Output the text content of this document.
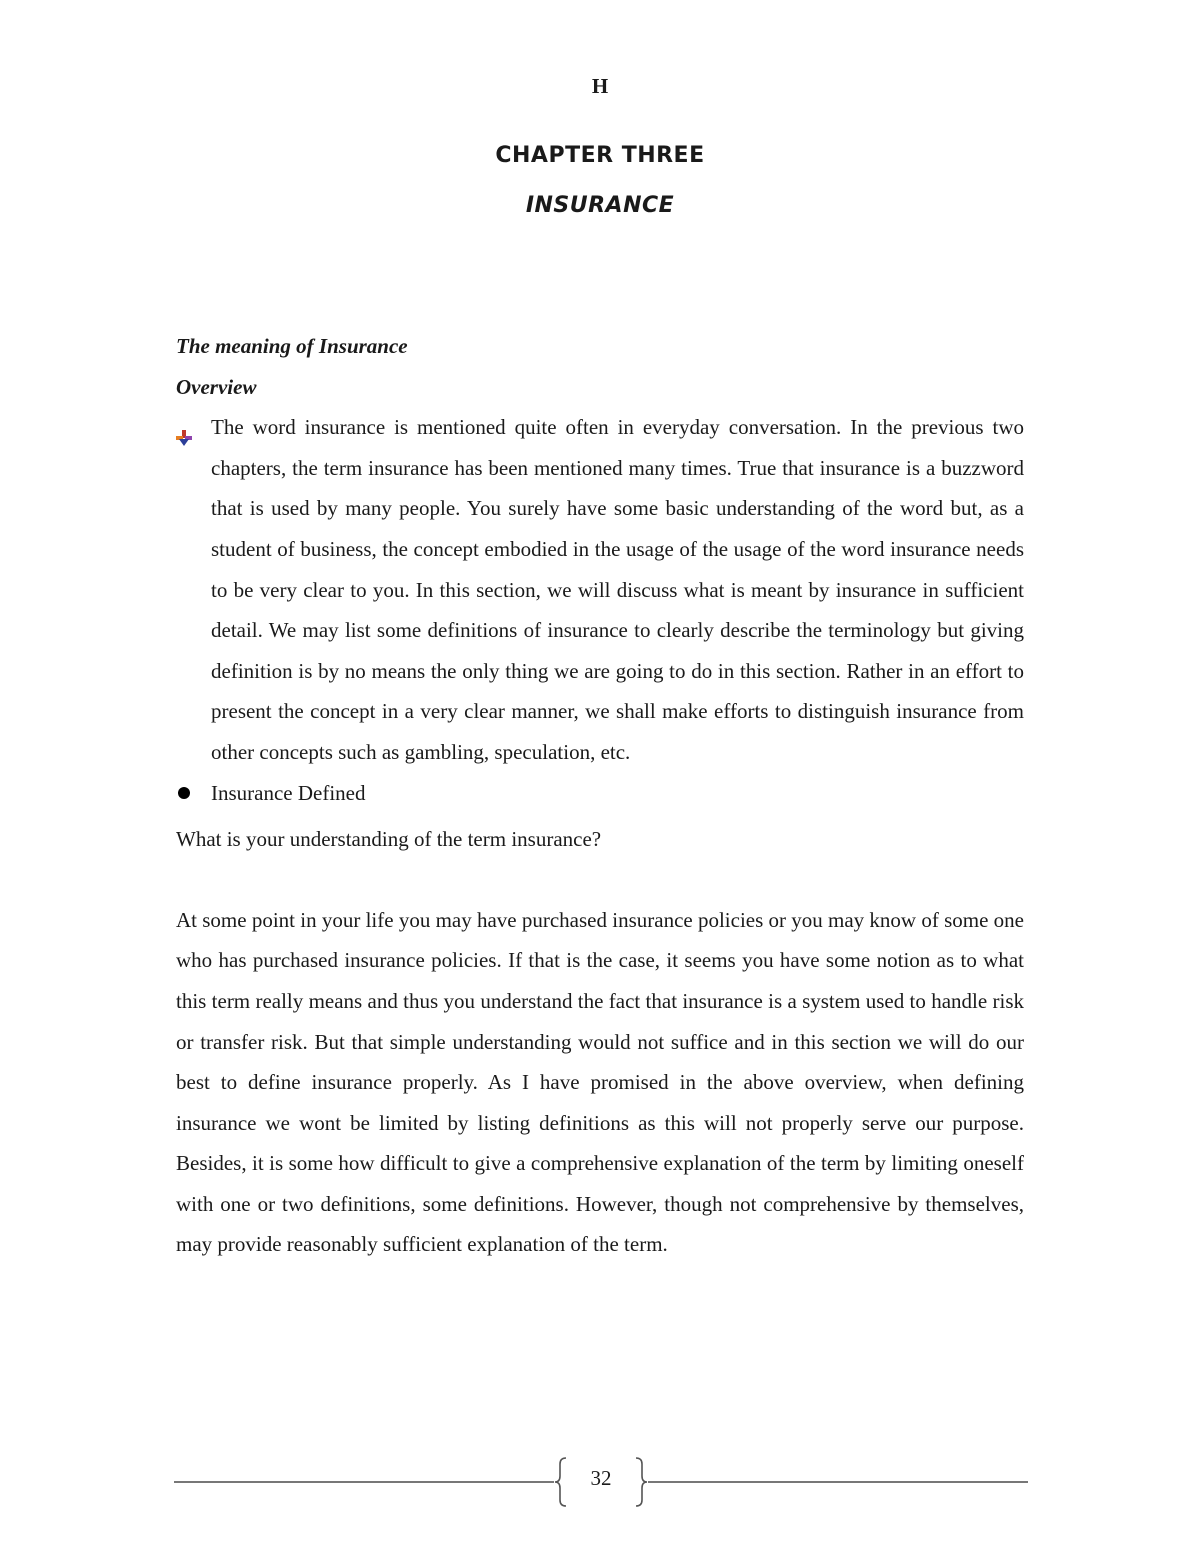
H
CHAPTER THREE
INSURANCE

The meaning of Insurance

Overview

The word insurance is mentioned quite often in everyday conversation. In the previous two chapters, the term insurance has been mentioned many times. True that insurance is a buzzword that is used by many people. You surely have some basic understanding of the word but, as a student of business, the concept embodied in the usage of the usage of the word insurance needs to be very clear to you. In this section, we will discuss what is meant by insurance in sufficient detail. We may list some definitions of insurance to clearly describe the terminology but giving definition is by no means the only thing we are going to do in this section. Rather in an effort to present the concept in a very clear manner, we shall make efforts to distinguish insurance from other concepts such as gambling, speculation, etc.
Insurance Defined

What is your understanding of the term insurance?

At some point in your life you may have purchased insurance policies or you may know of some one who has purchased insurance policies. If that is the case, it seems you have some notion as to what this term really means and thus you understand the fact that insurance is a system used to handle risk or transfer risk. But that simple understanding would not suffice and in this section we will do our best to define insurance properly. As I have promised in the above overview, when defining insurance we wont be limited by listing definitions as this will not properly serve our purpose. Besides, it is some how difficult to give a comprehensive explanation of the term by limiting oneself with one or two definitions, some definitions. However, though not comprehensive by themselves, may provide reasonably sufficient explanation of the term.

32
